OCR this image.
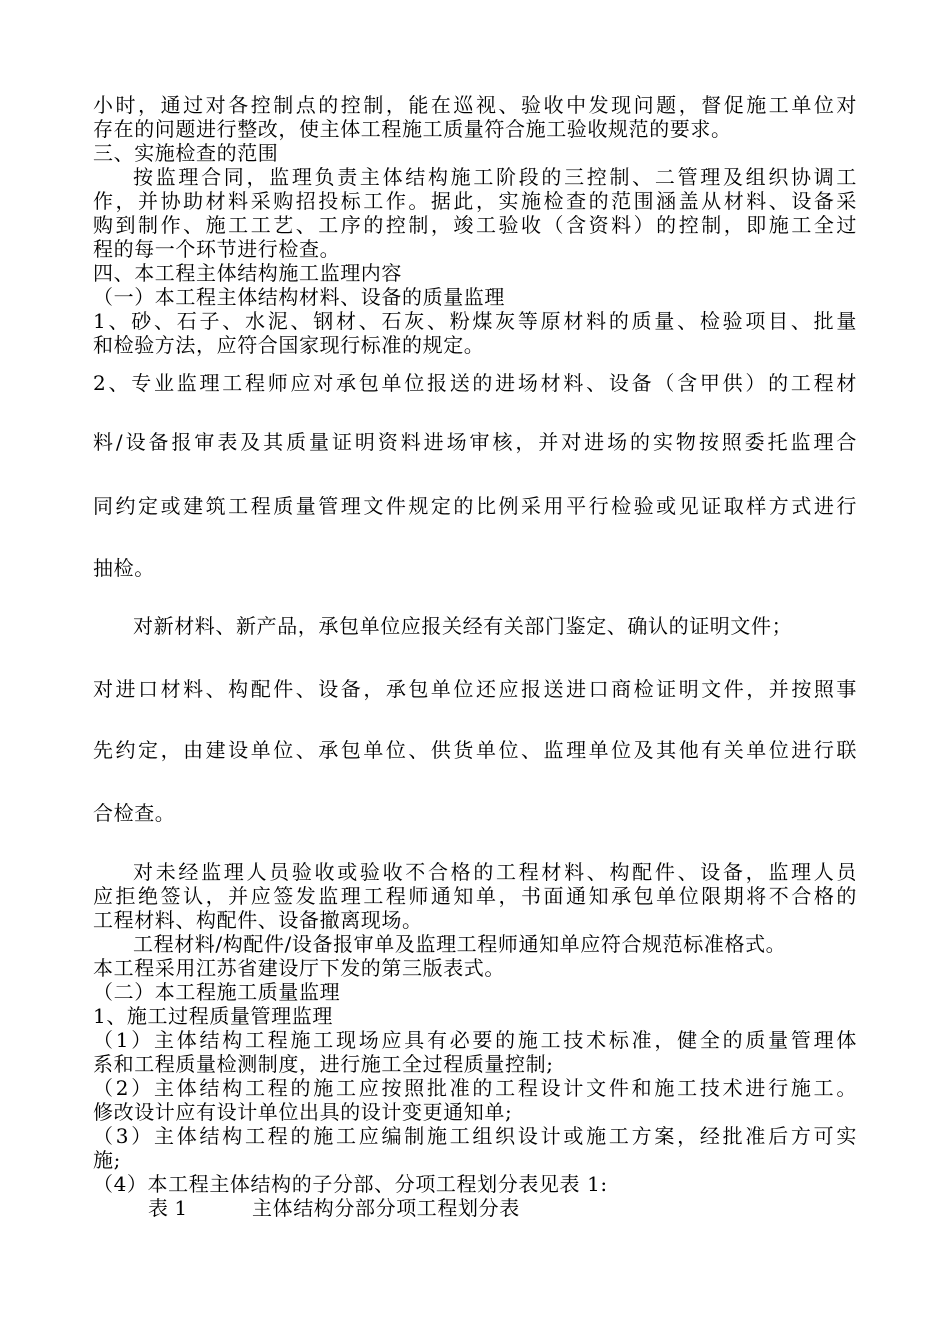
小时，通过对各控制点的控制，能在巡视、验收中发现问题，督促施工单位对
存在的问题进行整改，使主体工程施工质量符合施工验收规范的要求。
三、实施检查的范围
按监理合同，监理负责主体结构施工阶段的三控制、二管理及组织协调工
作，并协助材料采购招投标工作。据此，实施检查的范围涵盖从材料、设备采
购到制作、施工工艺、工序的控制，竣工验收（含资料）的控制，即施工全过
程的每一个环节进行检查。
四、本工程主体结构施工监理内容
（一）本工程主体结构材料、设备的质量监理
1、砂、石子、水泥、钢材、石灰、粉煤灰等原材料的质量、检验项目、批量
和检验方法，应符合国家现行标准的规定。
2、专业监理工程师应对承包单位报送的进场材料、设备（含甲供）的工程材
料/设备报审表及其质量证明资料进场审核，并对进场的实物按照委托监理合
同约定或建筑工程质量管理文件规定的比例采用平行检验或见证取样方式进行
抽检。
对新材料、新产品，承包单位应报关经有关部门鉴定、确认的证明文件；
对进口材料、构配件、设备，承包单位还应报送进口商检证明文件，并按照事
先约定，由建设单位、承包单位、供货单位、监理单位及其他有关单位进行联
合检查。
对未经监理人员验收或验收不合格的工程材料、构配件、设备，监理人员
应拒绝签认，并应签发监理工程师通知单，书面通知承包单位限期将不合格的
工程材料、构配件、设备撤离现场。
工程材料/构配件/设备报审单及监理工程师通知单应符合规范标准格式。
本工程采用江苏省建设厅下发的第三版表式。
（二）本工程施工质量监理
1、施工过程质量管理监理
（1）主体结构工程施工现场应具有必要的施工技术标准，健全的质量管理体
系和工程质量检测制度，进行施工全过程质量控制;
（2）主体结构工程的施工应按照批准的工程设计文件和施工技术进行施工。
修改设计应有设计单位出具的设计变更通知单;
（3）主体结构工程的施工应编制施工组织设计或施工方案，经批准后方可实
施;
（4）本工程主体结构的子分部、分项工程划分表见表 1:
表 1	主体结构分部分项工程划分表
